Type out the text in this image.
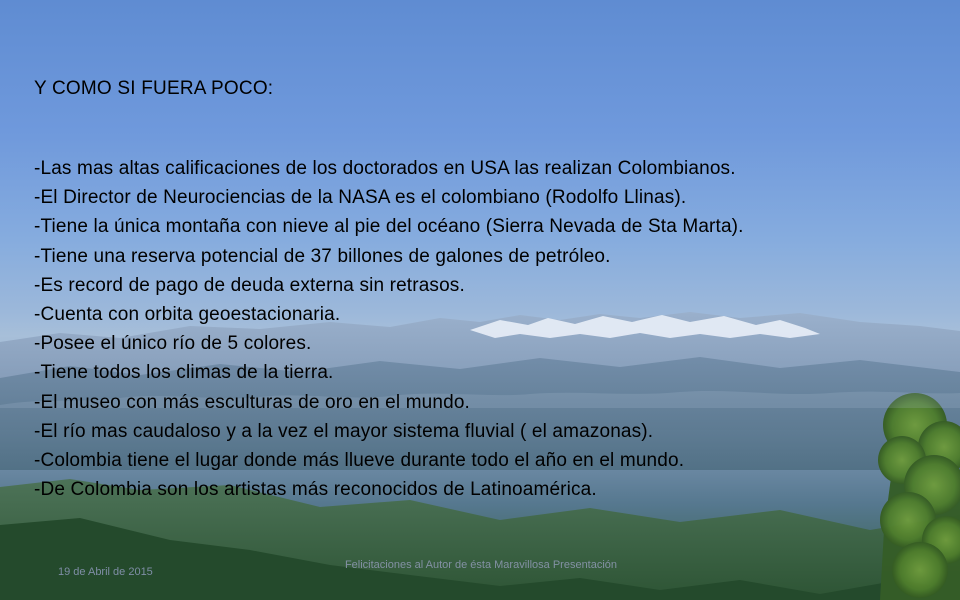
Y COMO SI FUERA POCO:
-Las mas altas calificaciones de los doctorados en USA las realizan Colombianos.
-El Director de Neurociencias de la NASA es el colombiano (Rodolfo Llinas).
-Tiene la única montaña con nieve al pie del océano (Sierra Nevada de Sta Marta).
-Tiene una reserva potencial de 37 billones de galones de petróleo.
-Es record de pago de deuda externa sin retrasos.
-Cuenta con orbita geoestacionaria.
-Posee el único río de 5 colores.
-Tiene todos los climas de la tierra.
-El museo con más esculturas de oro en el mundo.
-El río mas caudaloso y a la vez el mayor sistema fluvial ( el amazonas).
-Colombia tiene el lugar donde más llueve durante todo el año en el mundo.
-De Colombia son los artistas más reconocidos de Latinoamérica.
19 de Abril de 2015
Felicitaciones al Autor de ésta Maravillosa Presentación
